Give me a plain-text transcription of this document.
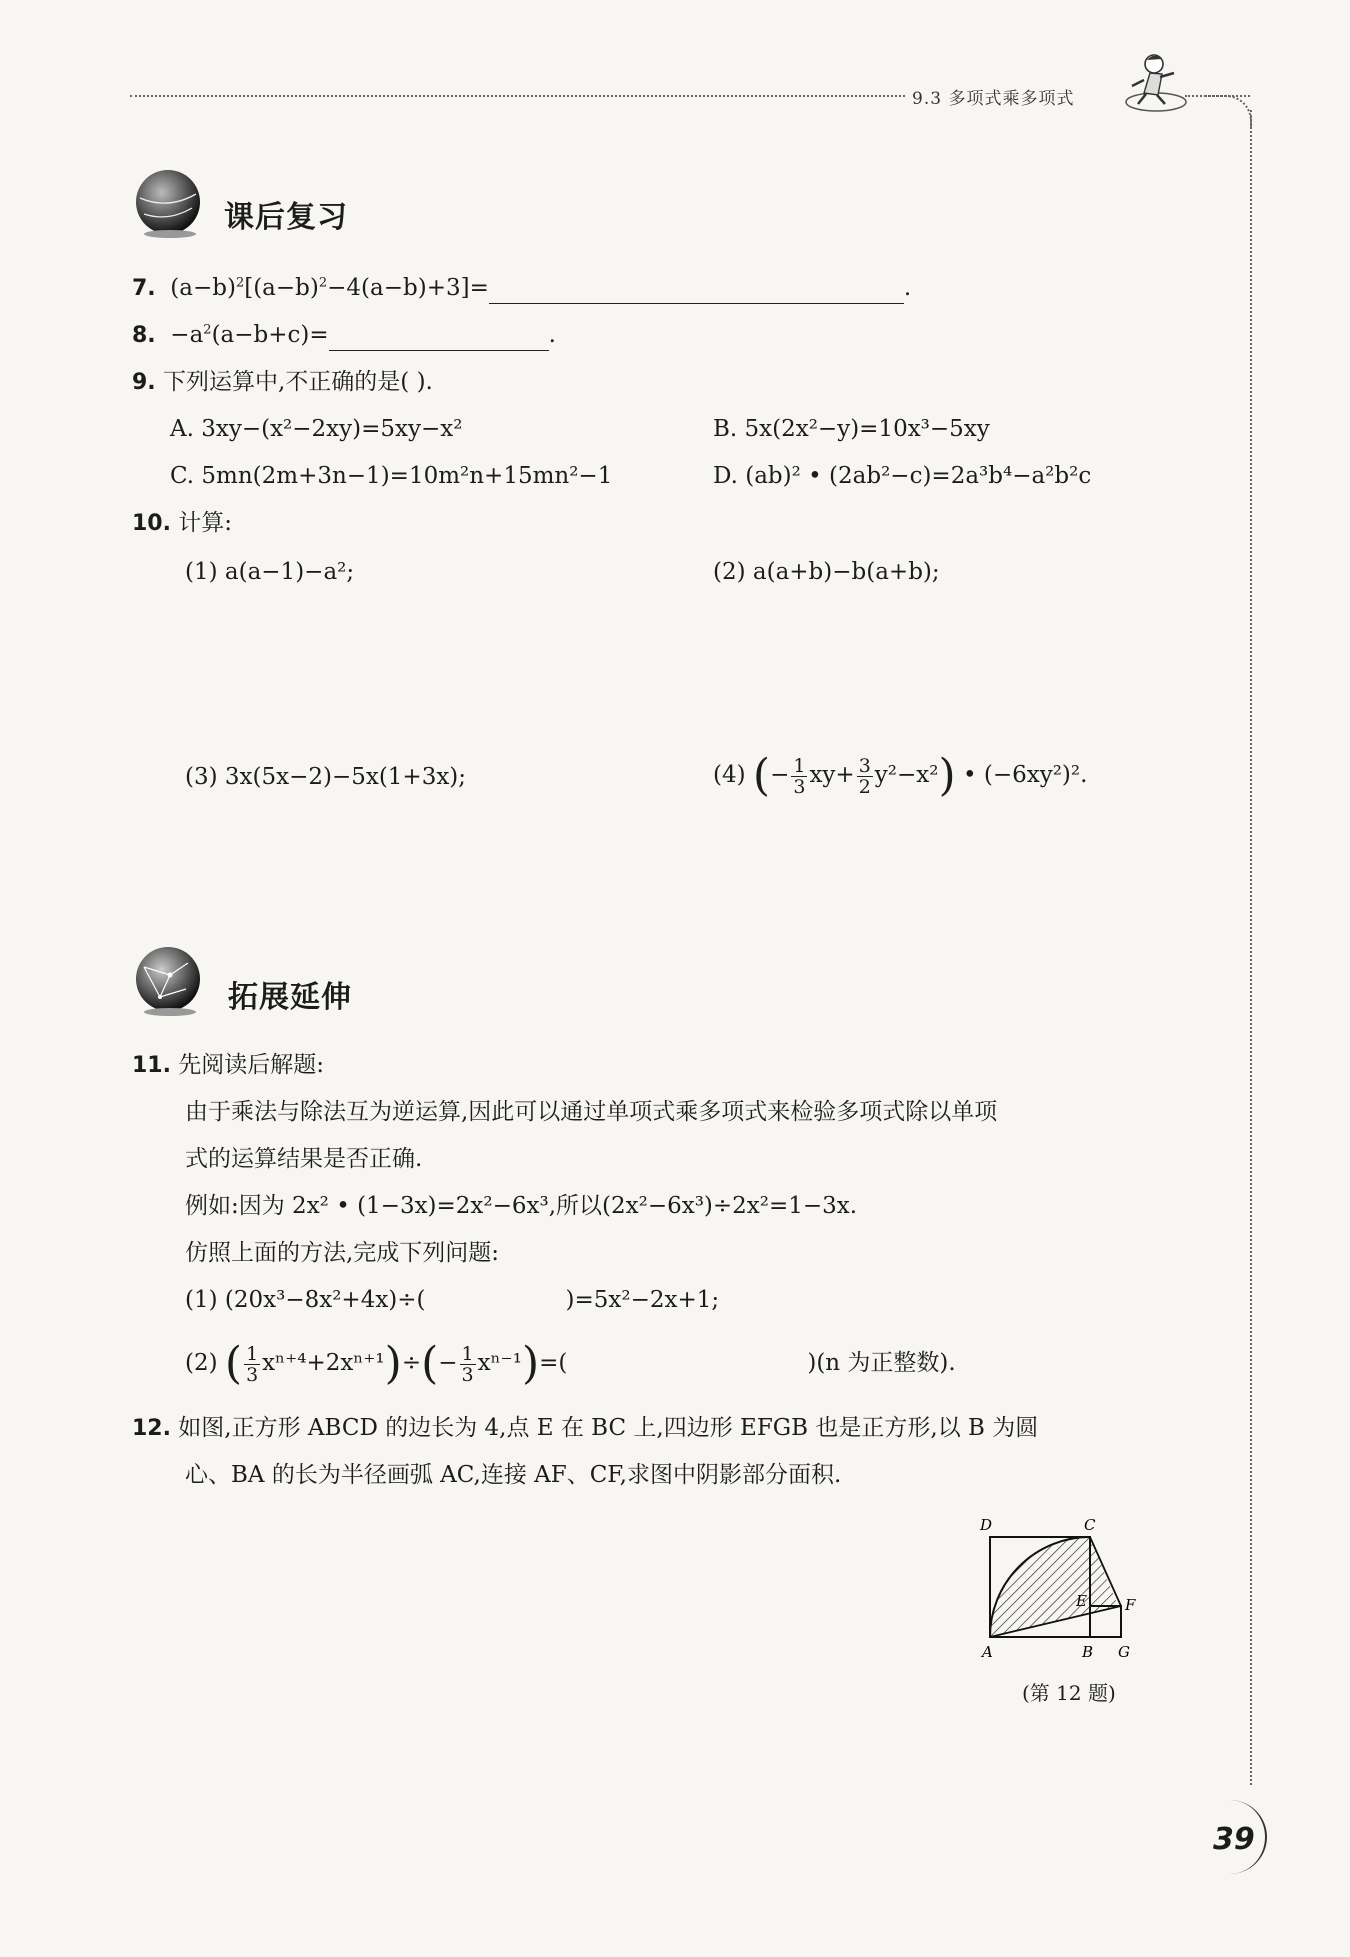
9.3 多项式乘多项式
课后复习
7. $(a-b)^2[(a-b)^2-4(a-b)+3]=$	.
8. $-a^2(a-b+c)=$	.
9. 下列运算中,不正确的是( ).
A. 3xy−(x²−2xy)=5xy−x²	B. 5x(2x²−y)=10x³−5xy
C. 5mn(2m+3n−1)=10m²n+15mn²−1	D. (ab)² • (2ab²−c)=2a³b⁴−a²b²c
10. 计算:
(1) a(a−1)−a²;	(2) a(a+b)−b(a+b);
(3) 3x(5x−2)−5x(1+3x);	(4) (− $\frac{1}{3} xy+ \frac{3}{2} y^2-x^2$) • (−6xy²)².
拓展延伸
11. 先阅读后解题:
由于乘法与除法互为逆运算,因此可以通过单项式乘多项式来检验多项式除以单项
式的运算结果是否正确.
例如:因为 2x² • (1−3x)=2x²−6x³,所以(2x²−6x³)÷2x²=1−3x.
仿照上面的方法,完成下列问题:
(1) (20x³−8x²+4x)÷(	)=5x²−2x+1;
(2) ( $\frac{1}{3} x^{n+4}+2x^{n+1})\div(- \frac{1}{3} x^{n-1})=$(	)(n 为正整数).
12. 如图,正方形 ABCD 的边长为 4,点 E 在 BC 上,四边形 EFGB 也是正方形,以 B 为圆
心、BA 的长为半径画弧 AC,连接 AF、CF,求图中阴影部分面积.
D	C
E	F
A	B G
(第 12 题)
39
